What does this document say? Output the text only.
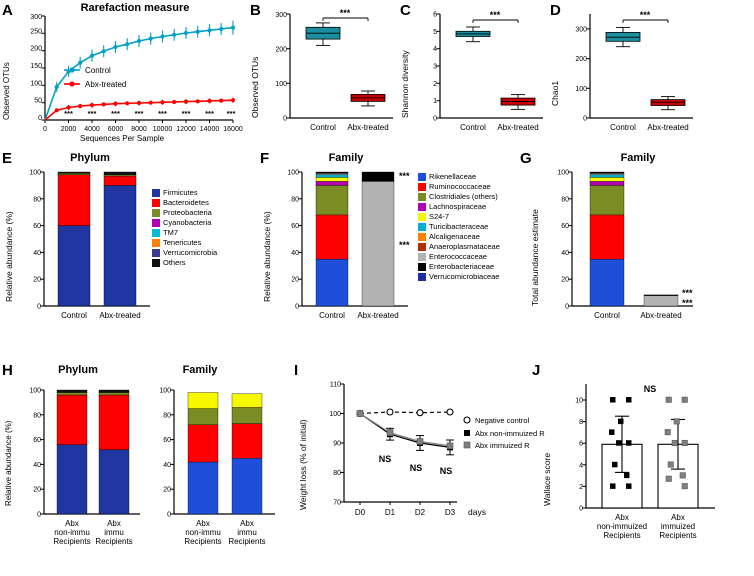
A	Rarefaction measure
0
50
100
150
200
250
300
0 2000 4000 6000 8000 10000 12000 14000 16000
*** *** *** *** *** *** *** ***
Control
Abx-treated
Observed OTUs
Sequences Per Sample
B
0
100
200
300	***
Control Abx-treated
Observed OTUs
C
0
1
2
3
4
5
6	***
Control Abx-treated
Shannon diversity
D
0
100
200
300
***
Control Abx-treated
Chao1
E	Phylum
0
20
40
60
80
100
Control Abx-treated
Relative abundance (%)
Firmicutes
Bacteroidetes
Proteobacteria
Cyanobacteria
TM7
Tenericutes
Verrucomicrobia
Others
F	Family
0
20
40
60
80
100	***
***
Control Abx-treated
Relative abundance (%)
Rikenellaceae
Ruminococcaceae
Clostridiales (others)
Lachnospiraceae
S24-7
Turicibacteraceae
Alcaligenaceae
Anaeroplasmataceae
Enterococcaceae
Enterobacteriaceae
Verrucomicrobiaceae
G	Family
0
20
40
60
80
100
***
***
Control	Abx-treated
Total abundance estimate
H	Phylum	Family
0
20
40
60
80
100
Abx
non-immu
Recipients
Abx
immu
Recipients
Relative abundance (%)
0
20
40
60
80
100
Abx
non-immu
Recipients
Abx
immu
Recipients
I
70
80
90
100
110
D0 D1 D2 D3 days
NS
NS NS
Negative control
Abx non-immuized R
Abx immuized R
Weight loss (% of initial)
J
0
2
4
6
8
10
NS
Abx
non-immuized
Recipients
Abx
immuized
Recipients
Wallace score
